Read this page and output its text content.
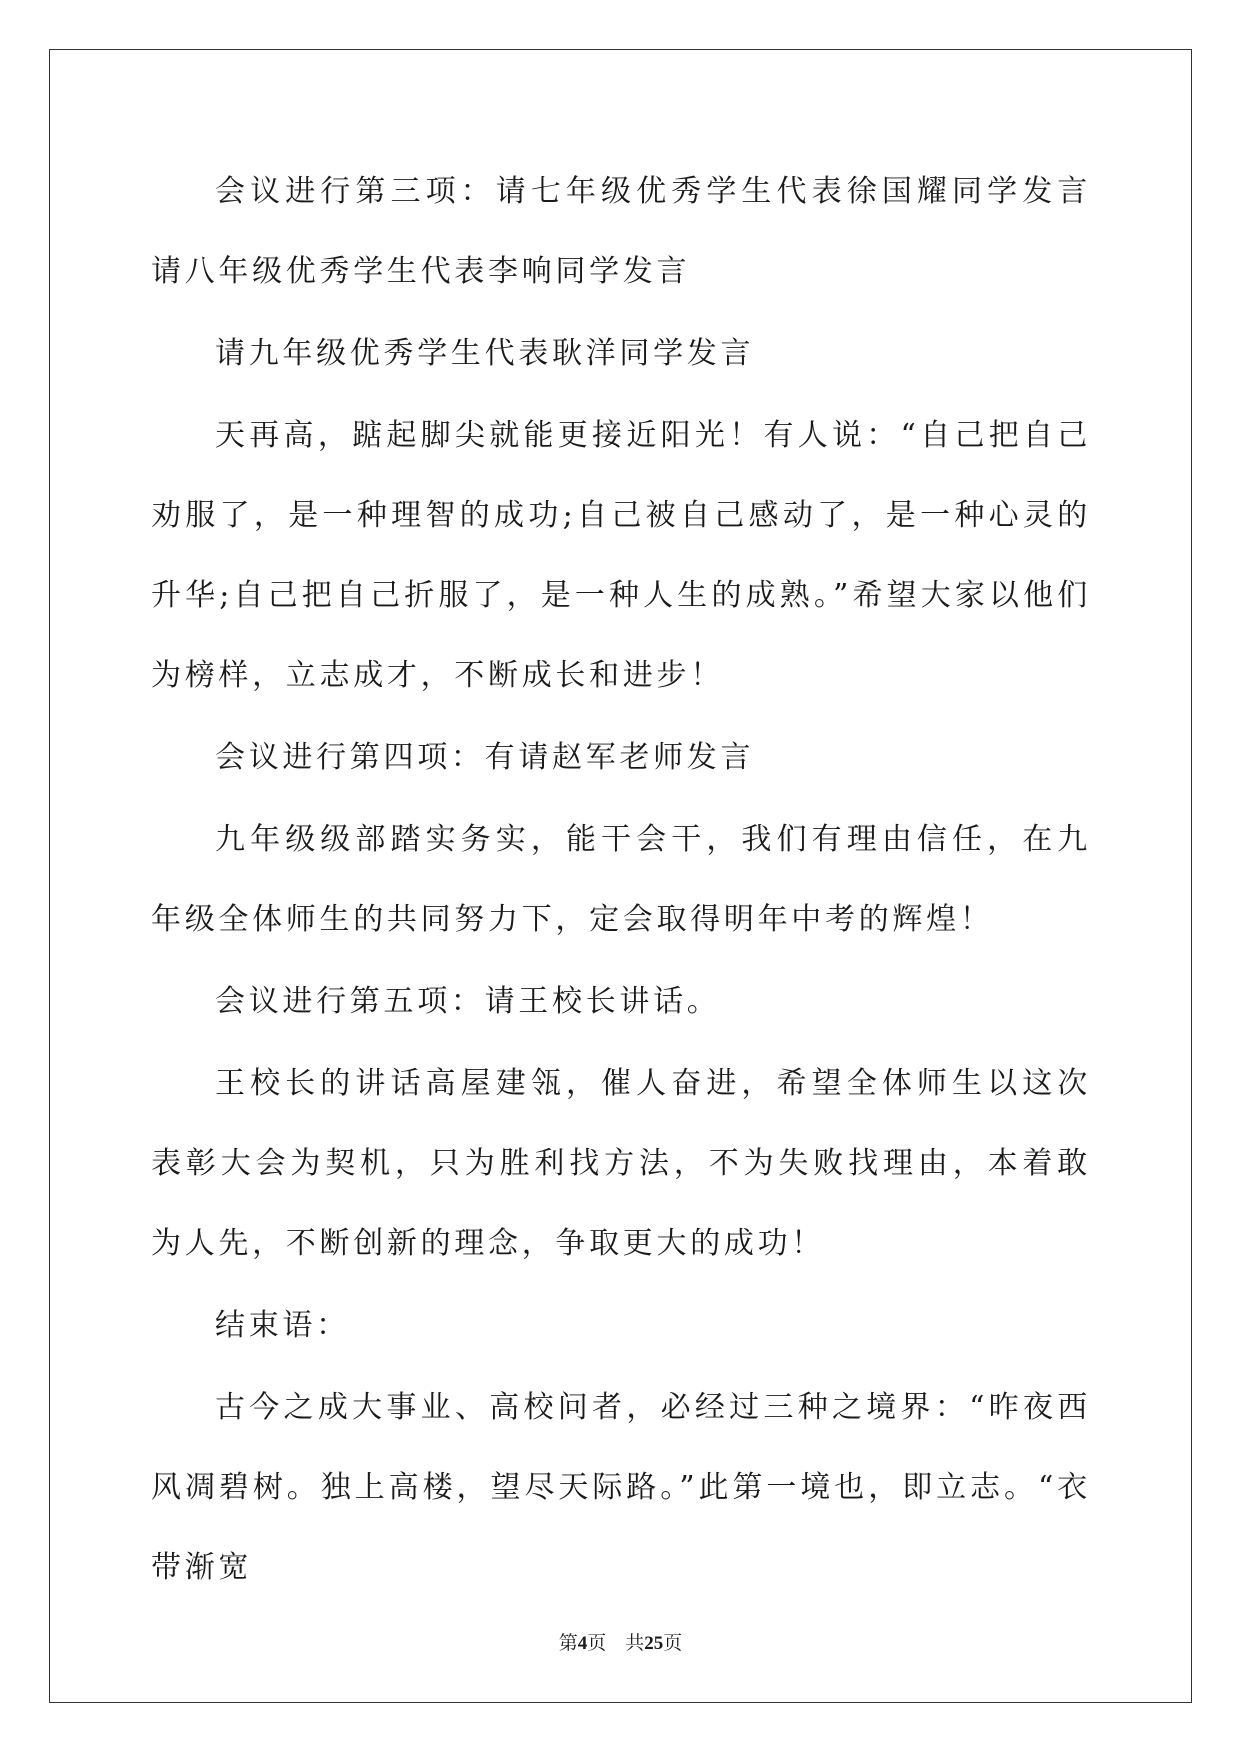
会议进行第三项：请七年级优秀学生代表徐国耀同学发言 请八年级优秀学生代表李响同学发言

请九年级优秀学生代表耿洋同学发言

天再高，踮起脚尖就能更接近阳光！有人说：“自己把自己劝服了，是一种理智的成功;自己被自己感动了，是一种心灵的升华;自己把自己折服了，是一种人生的成熟。”希望大家以他们为榜样，立志成才，不断成长和进步！

会议进行第四项：有请赵军老师发言

九年级级部踏实务实，能干会干，我们有理由信任，在九年级全体师生的共同努力下，定会取得明年中考的辉煌！

会议进行第五项：请王校长讲话。

王校长的讲话高屋建瓴，催人奋进，希望全体师生以这次表彰大会为契机，只为胜利找方法，不为失败找理由，本着敢为人先，不断创新的理念，争取更大的成功！

结束语：

古今之成大事业、高校问者，必经过三种之境界：“昨夜西风凋碧树。独上高楼，望尽天际路。”此第一境也，即立志。“衣带渐宽

第4页　共25页
